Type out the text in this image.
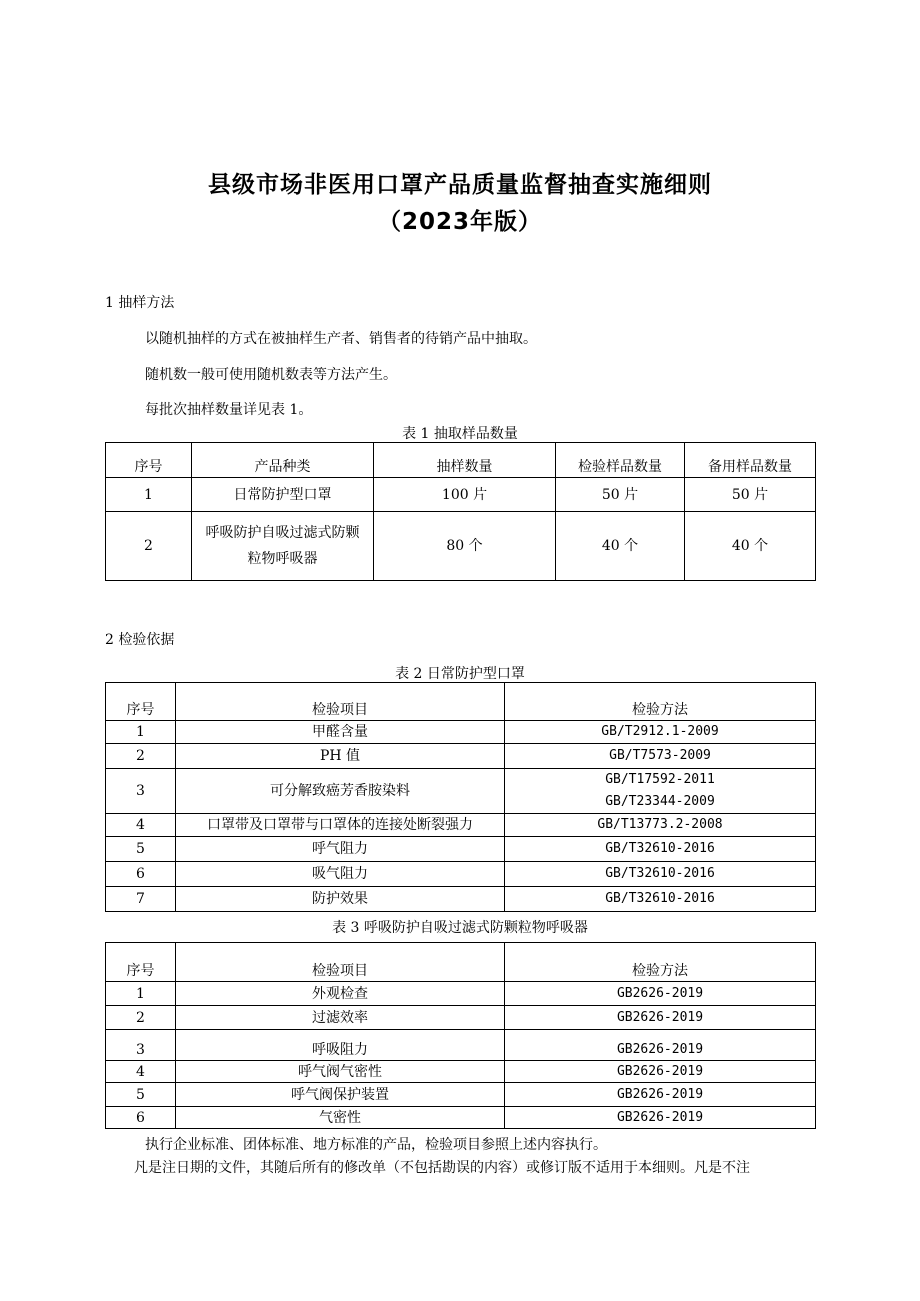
县级市场非医用口罩产品质量监督抽查实施细则
（2023年版）
1 抽样方法
以随机抽样的方式在被抽样生产者、销售者的待销产品中抽取。
随机数一般可使用随机数表等方法产生。
每批次抽样数量详见表 1。
表 1 抽取样品数量
序号	产品种类	抽样数量	检验样品数量	备用样品数量
1	日常防护型口罩	100 片	50 片	50 片
2	呼吸防护自吸过滤式防颗
粒物呼吸器	80 个	40 个	40 个
2 检验依据
表 2 日常防护型口罩
序号	检验项目	检验方法
1	甲醛含量	GB/T2912.1-2009
2	PH 值	GB/T7573-2009
3	可分解致癌芳香胺染料	GB/T17592-2011
GB/T23344-2009

4	口罩带及口罩带与口罩体的连接处断裂强力	GB/T13773.2-2008
5	呼气阻力	GB/T32610-2016
6	吸气阻力	GB/T32610-2016
7	防护效果	GB/T32610-2016
表 3 呼吸防护自吸过滤式防颗粒物呼吸器
序号	检验项目	检验方法
1	外观检查	GB2626-2019
2	过滤效率	GB2626-2019
3	呼吸阻力	GB2626-2019
4	呼气阀气密性	GB2626-2019
5	呼气阀保护装置	GB2626-2019
6	气密性	GB2626-2019
执行企业标准、团体标准、地方标准的产品，检验项目参照上述内容执行。
凡是注日期的文件，其随后所有的修改单（不包括勘误的内容）或修订版不适用于本细则。凡是不注
